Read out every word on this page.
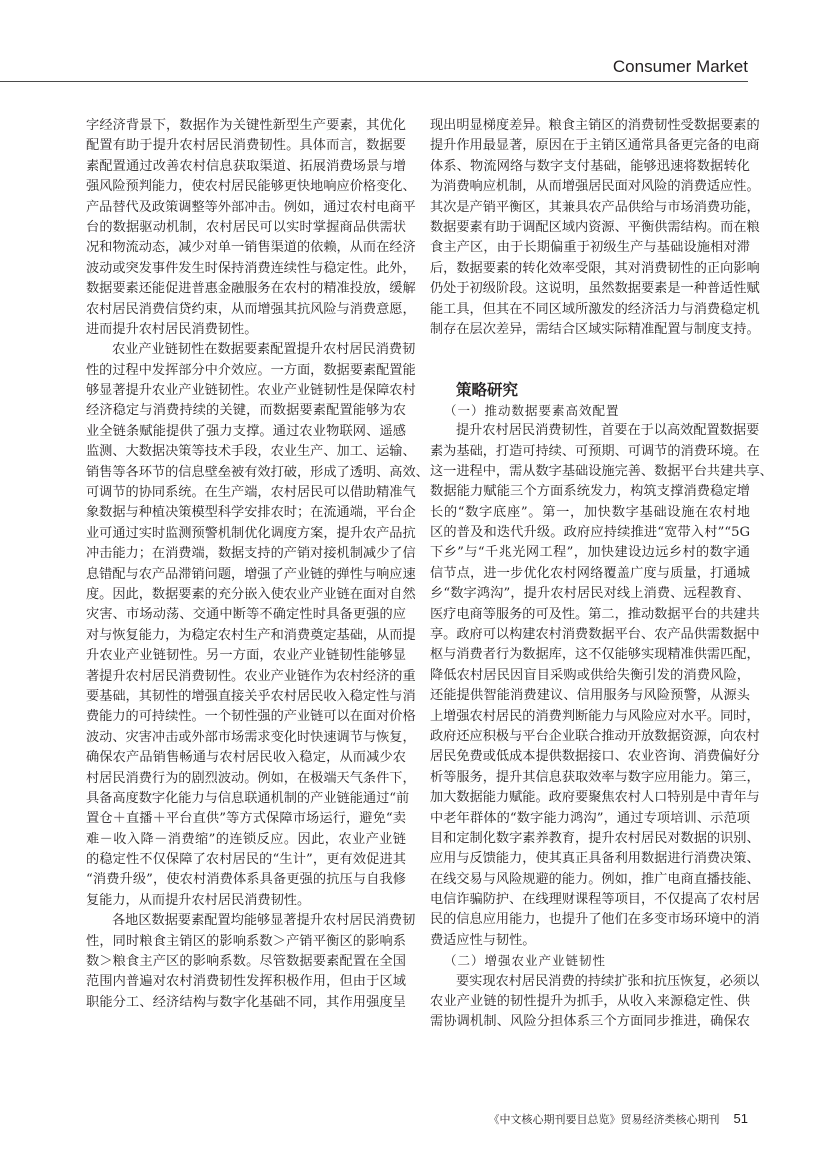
Consumer Market
字经济背景下，数据作为关键性新型生产要素，其优化
配置有助于提升农村居民消费韧性。具体而言，数据要
素配置通过改善农村信息获取渠道、拓展消费场景与增
强风险预判能力，使农村居民能够更快地响应价格变化、
产品替代及政策调整等外部冲击。例如，通过农村电商平
台的数据驱动机制，农村居民可以实时掌握商品供需状
况和物流动态，减少对单一销售渠道的依赖，从而在经济
波动或突发事件发生时保持消费连续性与稳定性。此外，
数据要素还能促进普惠金融服务在农村的精准投放，缓解
农村居民消费信贷约束，从而增强其抗风险与消费意愿，
进而提升农村居民消费韧性。
农业产业链韧性在数据要素配置提升农村居民消费韧
性的过程中发挥部分中介效应。一方面，数据要素配置能
够显著提升农业产业链韧性。农业产业链韧性是保障农村
经济稳定与消费持续的关键，而数据要素配置能够为农
业全链条赋能提供了强力支撑。通过农业物联网、遥感
监测、大数据决策等技术手段，农业生产、加工、运输、
销售等各环节的信息壁垒被有效打破，形成了透明、高效、
可调节的协同系统。在生产端，农村居民可以借助精准气
象数据与种植决策模型科学安排农时；在流通端，平台企
业可通过实时监测预警机制优化调度方案，提升农产品抗
冲击能力；在消费端，数据支持的产销对接机制减少了信
息错配与农产品滞销问题，增强了产业链的弹性与响应速
度。因此，数据要素的充分嵌入使农业产业链在面对自然
灾害、市场动荡、交通中断等不确定性时具备更强的应
对与恢复能力，为稳定农村生产和消费奠定基础，从而提
升农业产业链韧性。另一方面，农业产业链韧性能够显
著提升农村居民消费韧性。农业产业链作为农村经济的重
要基础，其韧性的增强直接关乎农村居民收入稳定性与消
费能力的可持续性。一个韧性强的产业链可以在面对价格
波动、灾害冲击或外部市场需求变化时快速调节与恢复，
确保农产品销售畅通与农村居民收入稳定，从而减少农
村居民消费行为的剧烈波动。例如，在极端天气条件下，
具备高度数字化能力与信息联通机制的产业链能通过“前
置仓＋直播＋平台直供”等方式保障市场运行，避免“卖
难－收入降－消费缩”的连锁反应。因此，农业产业链
的稳定性不仅保障了农村居民的“生计”，更有效促进其
“消费升级”，使农村消费体系具备更强的抗压与自我修
复能力，从而提升农村居民消费韧性。
各地区数据要素配置均能够显著提升农村居民消费韧
性，同时粮食主销区的影响系数＞产销平衡区的影响系
数＞粮食主产区的影响系数。尽管数据要素配置在全国
范围内普遍对农村消费韧性发挥积极作用，但由于区域
职能分工、经济结构与数字化基础不同，其作用强度呈
现出明显梯度差异。粮食主销区的消费韧性受数据要素的
提升作用最显著，原因在于主销区通常具备更完备的电商
体系、物流网络与数字支付基础，能够迅速将数据转化
为消费响应机制，从而增强居民面对风险的消费适应性。
其次是产销平衡区，其兼具农产品供给与市场消费功能，
数据要素有助于调配区域内资源、平衡供需结构。而在粮
食主产区，由于长期偏重于初级生产与基础设施相对滞
后，数据要素的转化效率受限，其对消费韧性的正向影响
仍处于初级阶段。这说明，虽然数据要素是一种普适性赋
能工具，但其在不同区域所激发的经济活力与消费稳定机
制存在层次差异，需结合区域实际精准配置与制度支持。
策略研究
（一）推动数据要素高效配置
提升农村居民消费韧性，首要在于以高效配置数据要
素为基础，打造可持续、可预期、可调节的消费环境。在
这一进程中，需从数字基础设施完善、数据平台共建共享、
数据能力赋能三个方面系统发力，构筑支撑消费稳定增
长的“数字底座”。第一，加快数字基础设施在农村地
区的普及和迭代升级。政府应持续推进“宽带入村”“5G
下乡”与“千兆光网工程”，加快建设边远乡村的数字通
信节点，进一步优化农村网络覆盖广度与质量，打通城
乡“数字鸿沟”，提升农村居民对线上消费、远程教育、
医疗电商等服务的可及性。第二，推动数据平台的共建共
享。政府可以构建农村消费数据平台、农产品供需数据中
枢与消费者行为数据库，这不仅能够实现精准供需匹配，
降低农村居民因盲目采购或供给失衡引发的消费风险，
还能提供智能消费建议、信用服务与风险预警，从源头
上增强农村居民的消费判断能力与风险应对水平。同时，
政府还应积极与平台企业联合推动开放数据资源，向农村
居民免费或低成本提供数据接口、农业咨询、消费偏好分
析等服务，提升其信息获取效率与数字应用能力。第三，
加大数据能力赋能。政府要聚焦农村人口特别是中青年与
中老年群体的“数字能力鸿沟”，通过专项培训、示范项
目和定制化数字素养教育，提升农村居民对数据的识别、
应用与反馈能力，使其真正具备利用数据进行消费决策、
在线交易与风险规避的能力。例如，推广电商直播技能、
电信诈骗防护、在线理财课程等项目，不仅提高了农村居
民的信息应用能力，也提升了他们在多变市场环境中的消
费适应性与韧性。
（二）增强农业产业链韧性
要实现农村居民消费的持续扩张和抗压恢复，必须以
农业产业链的韧性提升为抓手，从收入来源稳定性、供
需协调机制、风险分担体系三个方面同步推进，确保农
《中文核心期刊要目总览》贸易经济类核心期刊 51
